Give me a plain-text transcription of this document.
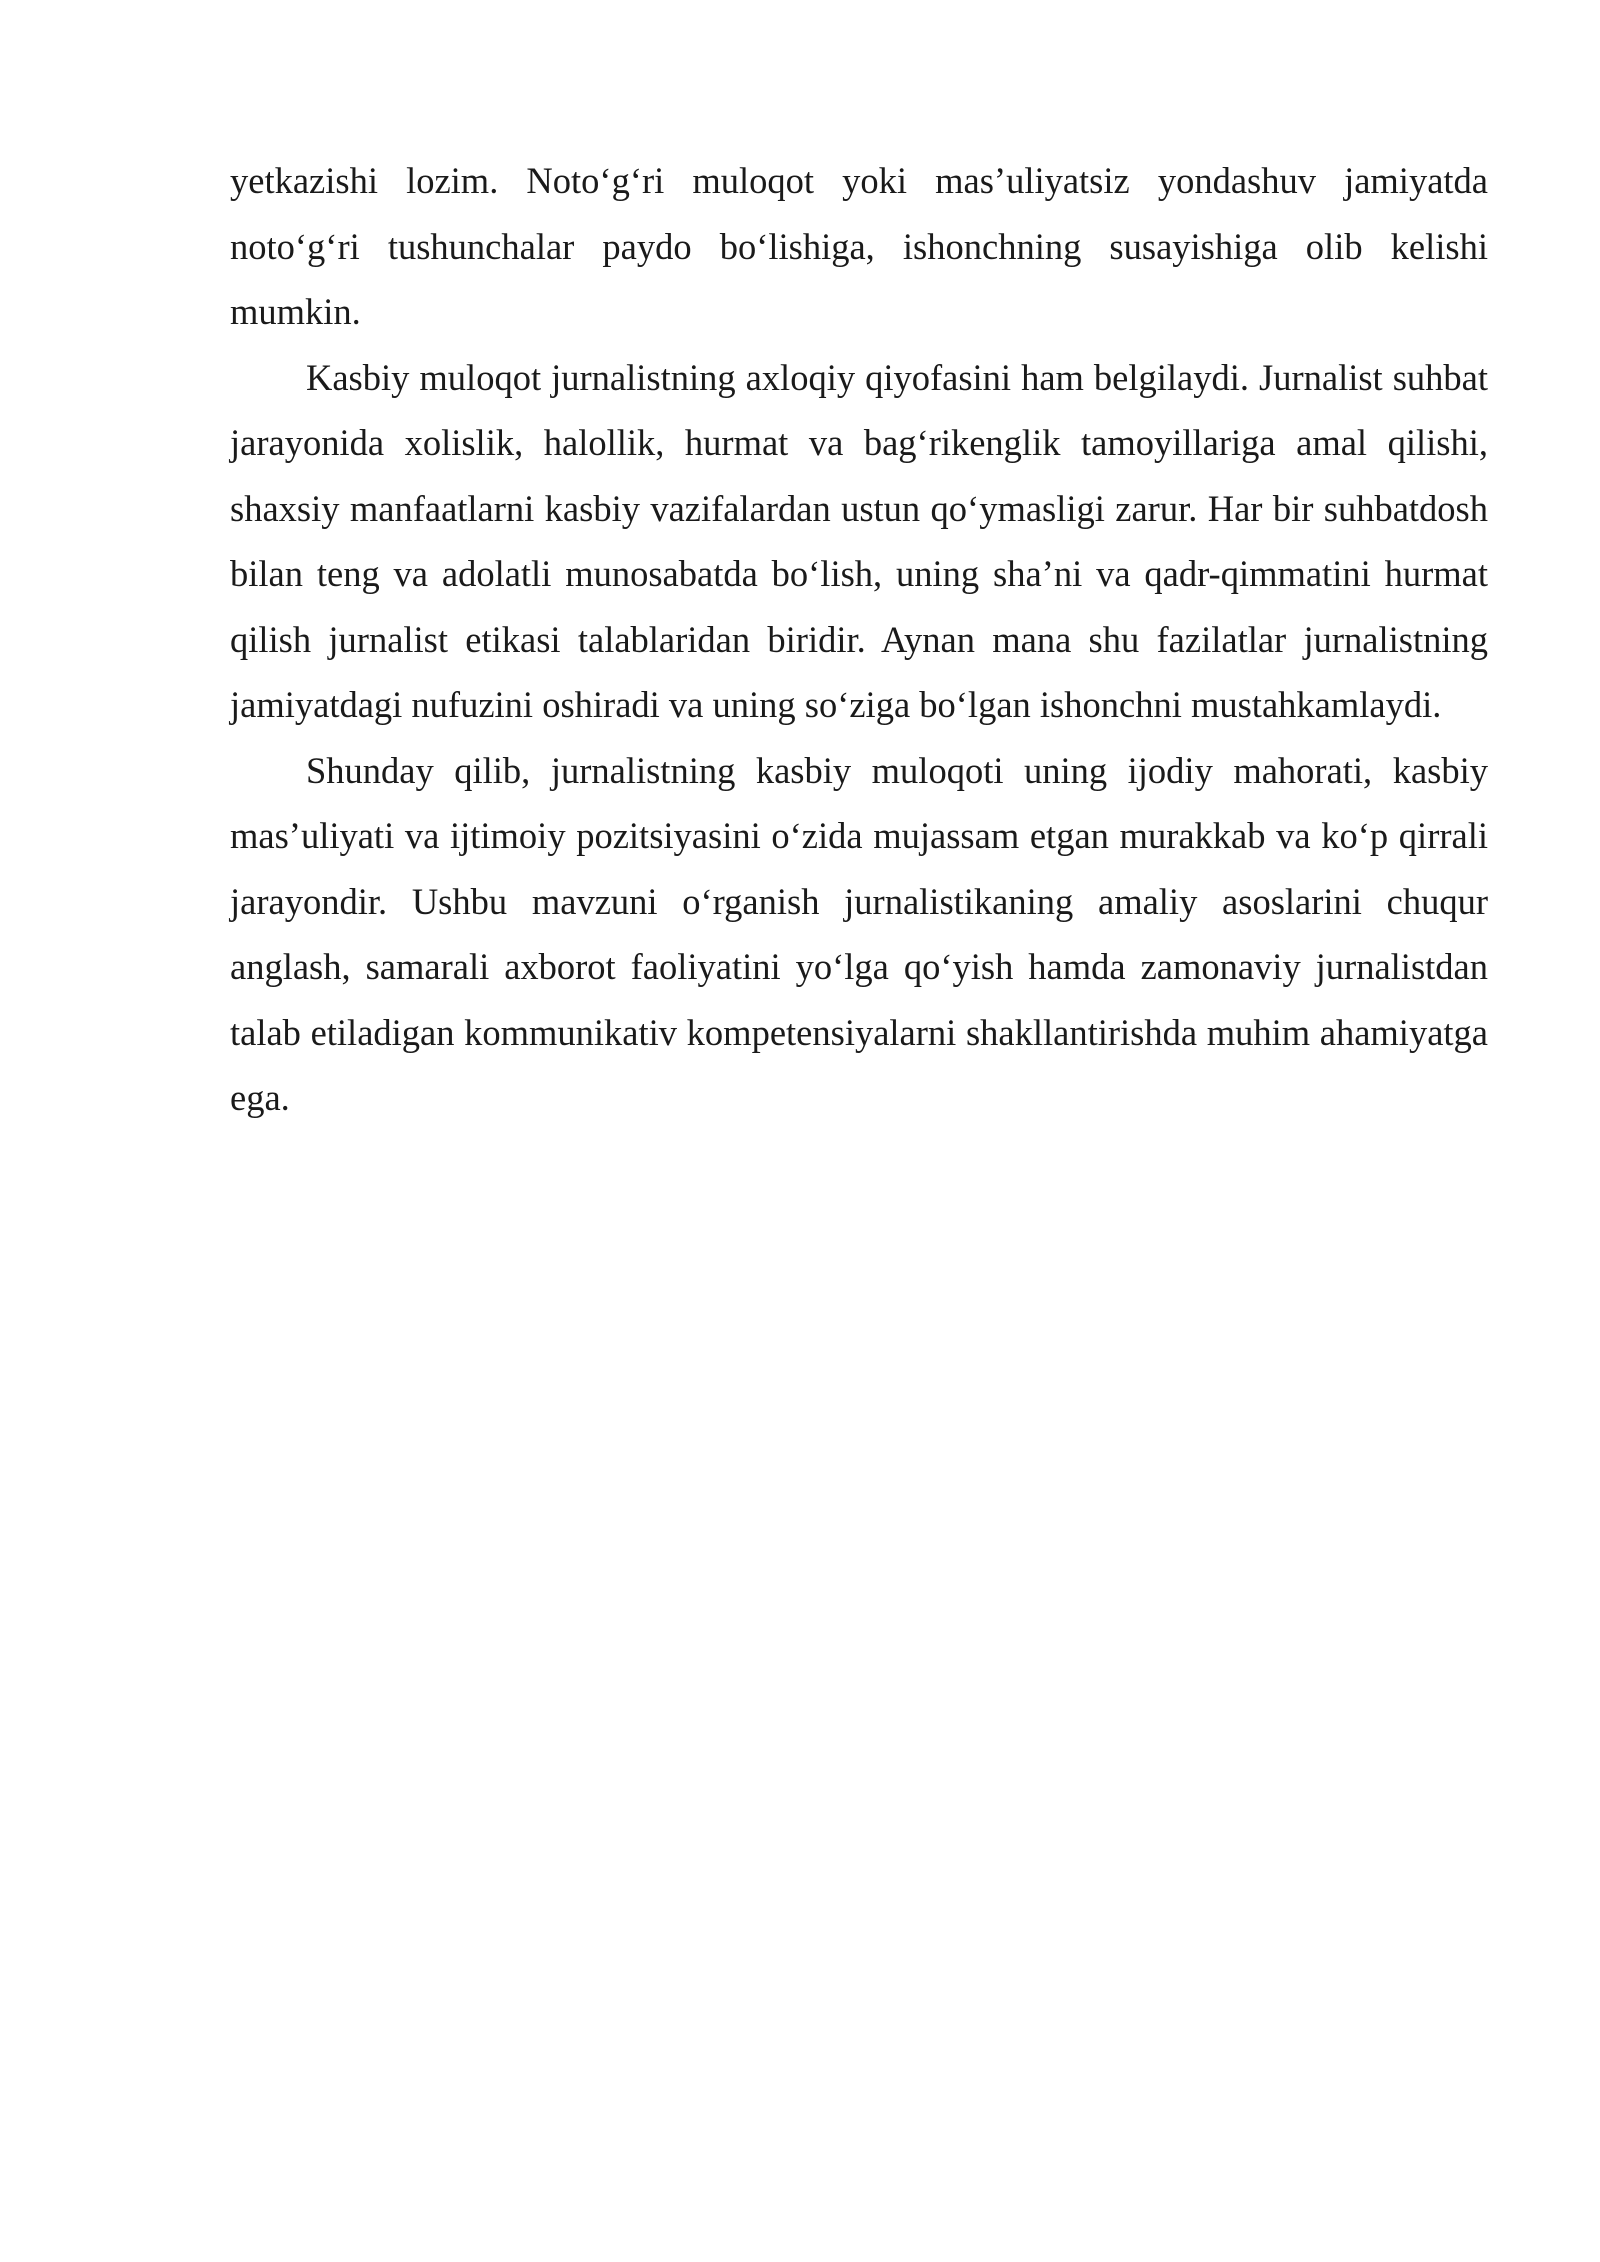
yetkazishi lozim. Noto‘g‘ri muloqot yoki mas’uliyatsiz yondashuv jamiyatda noto‘g‘ri tushunchalar paydo bo‘lishiga, ishonchning susayishiga olib kelishi mumkin.

Kasbiy muloqot jurnalistning axloqiy qiyofasini ham belgilaydi. Jurnalist suhbat jarayonida xolislik, halollik, hurmat va bag‘rikenglik tamoyillariga amal qilishi, shaxsiy manfaatlarni kasbiy vazifalardan ustun qo‘ymasligi zarur. Har bir suhbatdosh bilan teng va adolatli munosabatda bo‘lish, uning sha’ni va qadr-qimmatini hurmat qilish jurnalist etikasi talablaridan biridir. Aynan mana shu fazilatlar jurnalistning jamiyatdagi nufuzini oshiradi va uning so‘ziga bo‘lgan ishonchni mustahkamlaydi.

Shunday qilib, jurnalistning kasbiy muloqoti uning ijodiy mahorati, kasbiy mas’uliyati va ijtimoiy pozitsiyasini o‘zida mujassam etgan murakkab va ko‘p qirrali jarayondir. Ushbu mavzuni o‘rganish jurnalistikaning amaliy asoslarini chuqur anglash, samarali axborot faoliyatini yo‘lga qo‘yish hamda zamonaviy jurnalistdan talab etiladigan kommunikativ kompetensiyalarni shakllantirishda muhim ahamiyatga ega.
